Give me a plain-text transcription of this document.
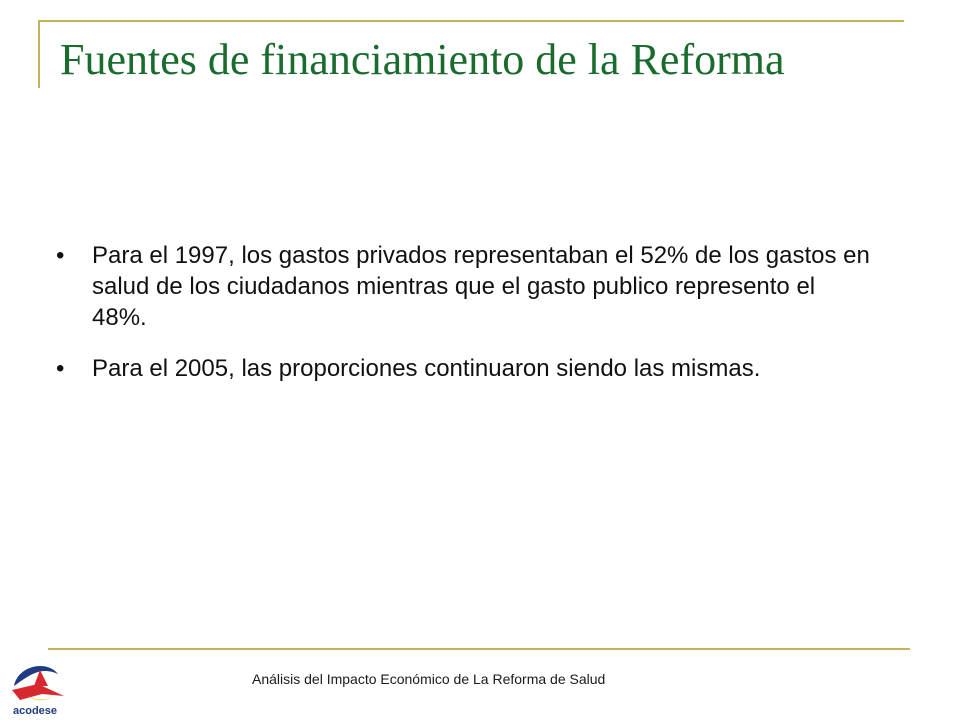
Fuentes de financiamiento de la Reforma
• Para el 1997, los gastos privados representaban el 52% de los gastos en salud de los ciudadanos mientras que el gasto publico represento el 48%.
• Para el 2005, las proporciones continuaron siendo las mismas.
Análisis del Impacto Económico de La Reforma de Salud
acodese
